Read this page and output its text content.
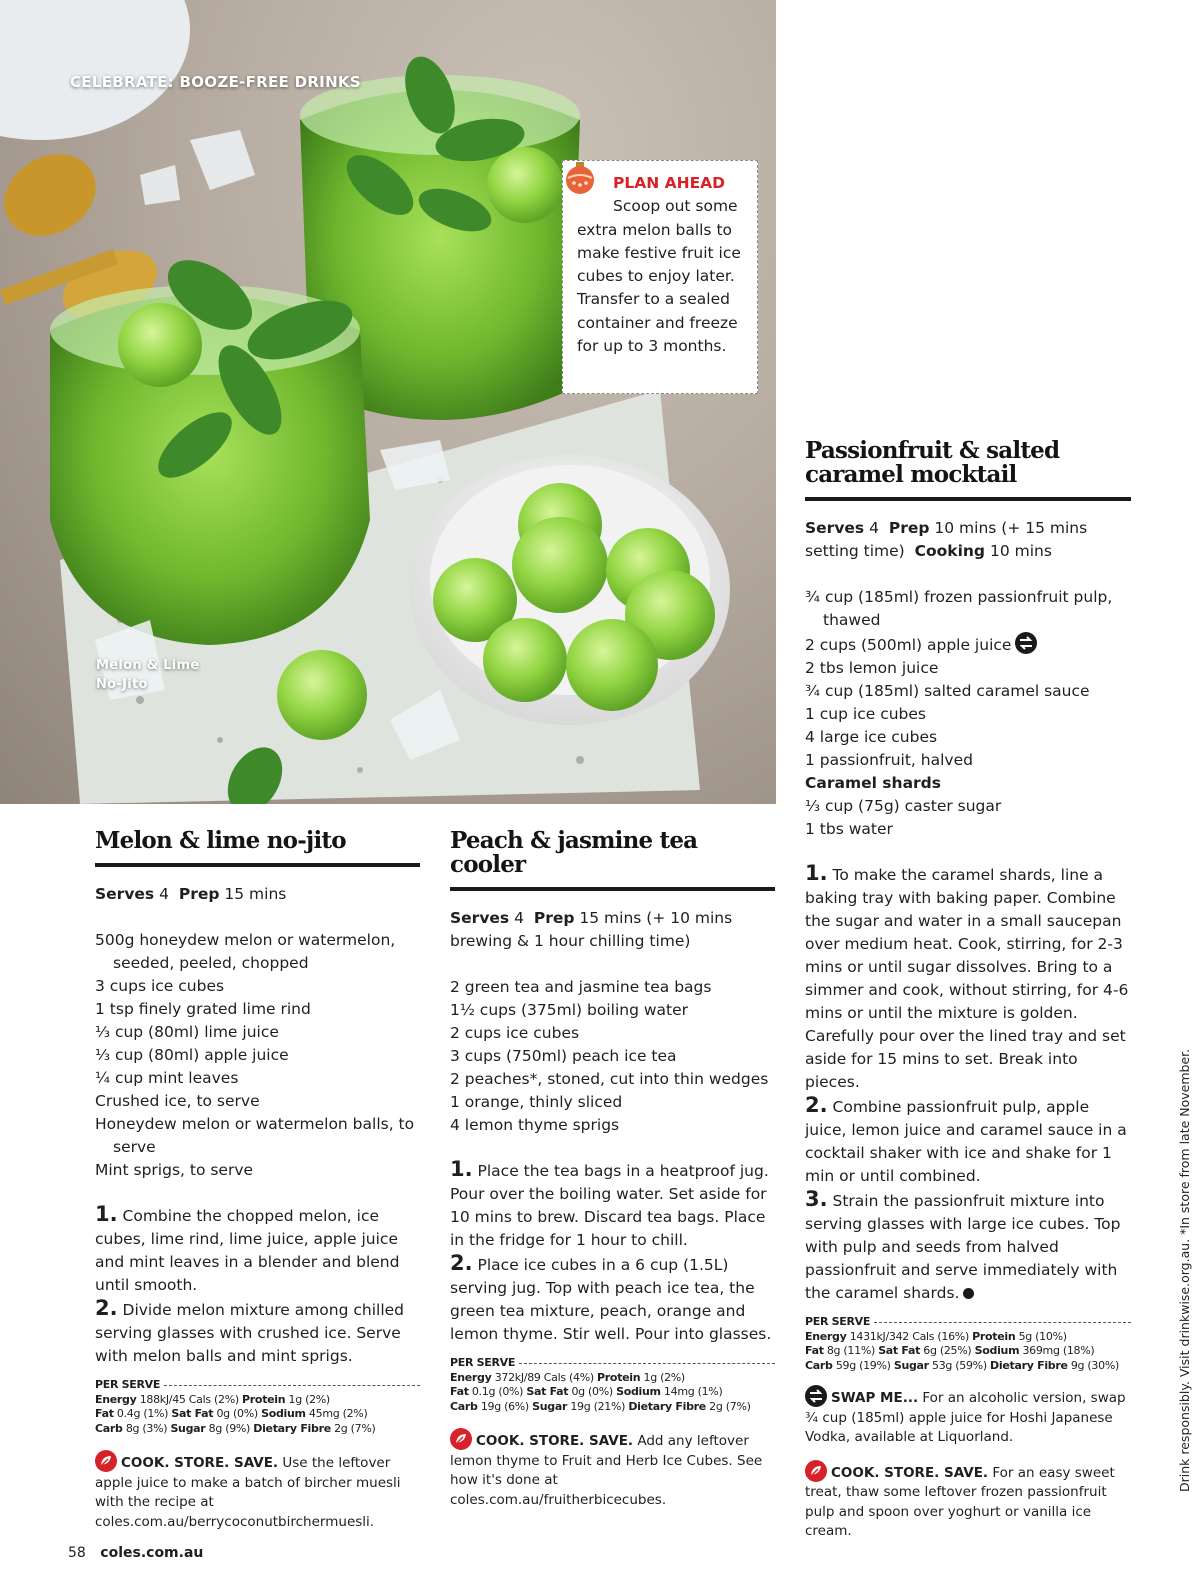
CELEBRATE: BOOZE-FREE DRINKS
Melon & Lime
No-Jito
PLAN AHEAD
Scoop out some extra melon balls to make festive fruit ice cubes to enjoy later. Transfer to a sealed container and freeze for up to 3 months.
Melon & lime no-jito
Serves 4 Prep 15 mins
500g honeydew melon or watermelon, seeded, peeled, chopped
3 cups ice cubes
1 tsp finely grated lime rind
⅓ cup (80ml) lime juice
⅓ cup (80ml) apple juice
¼ cup mint leaves
Crushed ice, to serve
Honeydew melon or watermelon balls, to serve
Mint sprigs, to serve
1. Combine the chopped melon, ice cubes, lime rind, lime juice, apple juice and mint leaves in a blender and blend until smooth.
2. Divide melon mixture among chilled serving glasses with crushed ice. Serve with melon balls and mint sprigs.
PER SERVE
Energy 188kJ/45 Cals (2%) Protein 1g (2%)
Fat 0.4g (1%) Sat Fat 0g (0%) Sodium 45mg (2%)
Carb 8g (3%) Sugar 8g (9%) Dietary Fibre 2g (7%)
COOK. STORE. SAVE. Use the leftover apple juice to make a batch of bircher muesli with the recipe at coles.com.au/berrycoconutbirchermuesli.
Peach & jasmine tea cooler
Serves 4 Prep 15 mins (+ 10 mins brewing & 1 hour chilling time)
2 green tea and jasmine tea bags
1½ cups (375ml) boiling water
2 cups ice cubes
3 cups (750ml) peach ice tea
2 peaches*, stoned, cut into thin wedges
1 orange, thinly sliced
4 lemon thyme sprigs
1. Place the tea bags in a heatproof jug. Pour over the boiling water. Set aside for 10 mins to brew. Discard tea bags. Place in the fridge for 1 hour to chill.
2. Place ice cubes in a 6 cup (1.5L) serving jug. Top with peach ice tea, the green tea mixture, peach, orange and lemon thyme. Stir well. Pour into glasses.
PER SERVE
Energy 372kJ/89 Cals (4%) Protein 1g (2%)
Fat 0.1g (0%) Sat Fat 0g (0%) Sodium 14mg (1%)
Carb 19g (6%) Sugar 19g (21%) Dietary Fibre 2g (7%)
COOK. STORE. SAVE. Add any leftover lemon thyme to Fruit and Herb Ice Cubes. See how it's done at coles.com.au/fruitherbicecubes.
Passionfruit & salted
caramel mocktail
Serves 4 Prep 10 mins (+ 15 mins setting time) Cooking 10 mins
¾ cup (185ml) frozen passionfruit pulp, thawed
2 cups (500ml) apple juice
2 tbs lemon juice
¾ cup (185ml) salted caramel sauce
1 cup ice cubes
4 large ice cubes
1 passionfruit, halved
Caramel shards
⅓ cup (75g) caster sugar
1 tbs water
1. To make the caramel shards, line a baking tray with baking paper. Combine the sugar and water in a small saucepan over medium heat. Cook, stirring, for 2-3 mins or until sugar dissolves. Bring to a simmer and cook, without stirring, for 4-6 mins or until the mixture is golden. Carefully pour over the lined tray and set aside for 15 mins to set. Break into pieces.
2. Combine passionfruit pulp, apple juice, lemon juice and caramel sauce in a cocktail shaker with ice and shake for 1 min or until combined.
3. Strain the passionfruit mixture into serving glasses with large ice cubes. Top with pulp and seeds from halved passionfruit and serve immediately with the caramel shards.
PER SERVE
Energy 1431kJ/342 Cals (16%) Protein 5g (10%)
Fat 8g (11%) Sat Fat 6g (25%) Sodium 369mg (18%)
Carb 59g (19%) Sugar 53g (59%) Dietary Fibre 9g (30%)
SWAP ME... For an alcoholic version, swap ¾ cup (185ml) apple juice for Hoshi Japanese Vodka, available at Liquorland.
COOK. STORE. SAVE. For an easy sweet treat, thaw some leftover frozen passionfruit pulp and spoon over yoghurt or vanilla ice cream.
Drink responsibly. Visit drinkwise.org.au. *In store from late November.
58 coles.com.au
